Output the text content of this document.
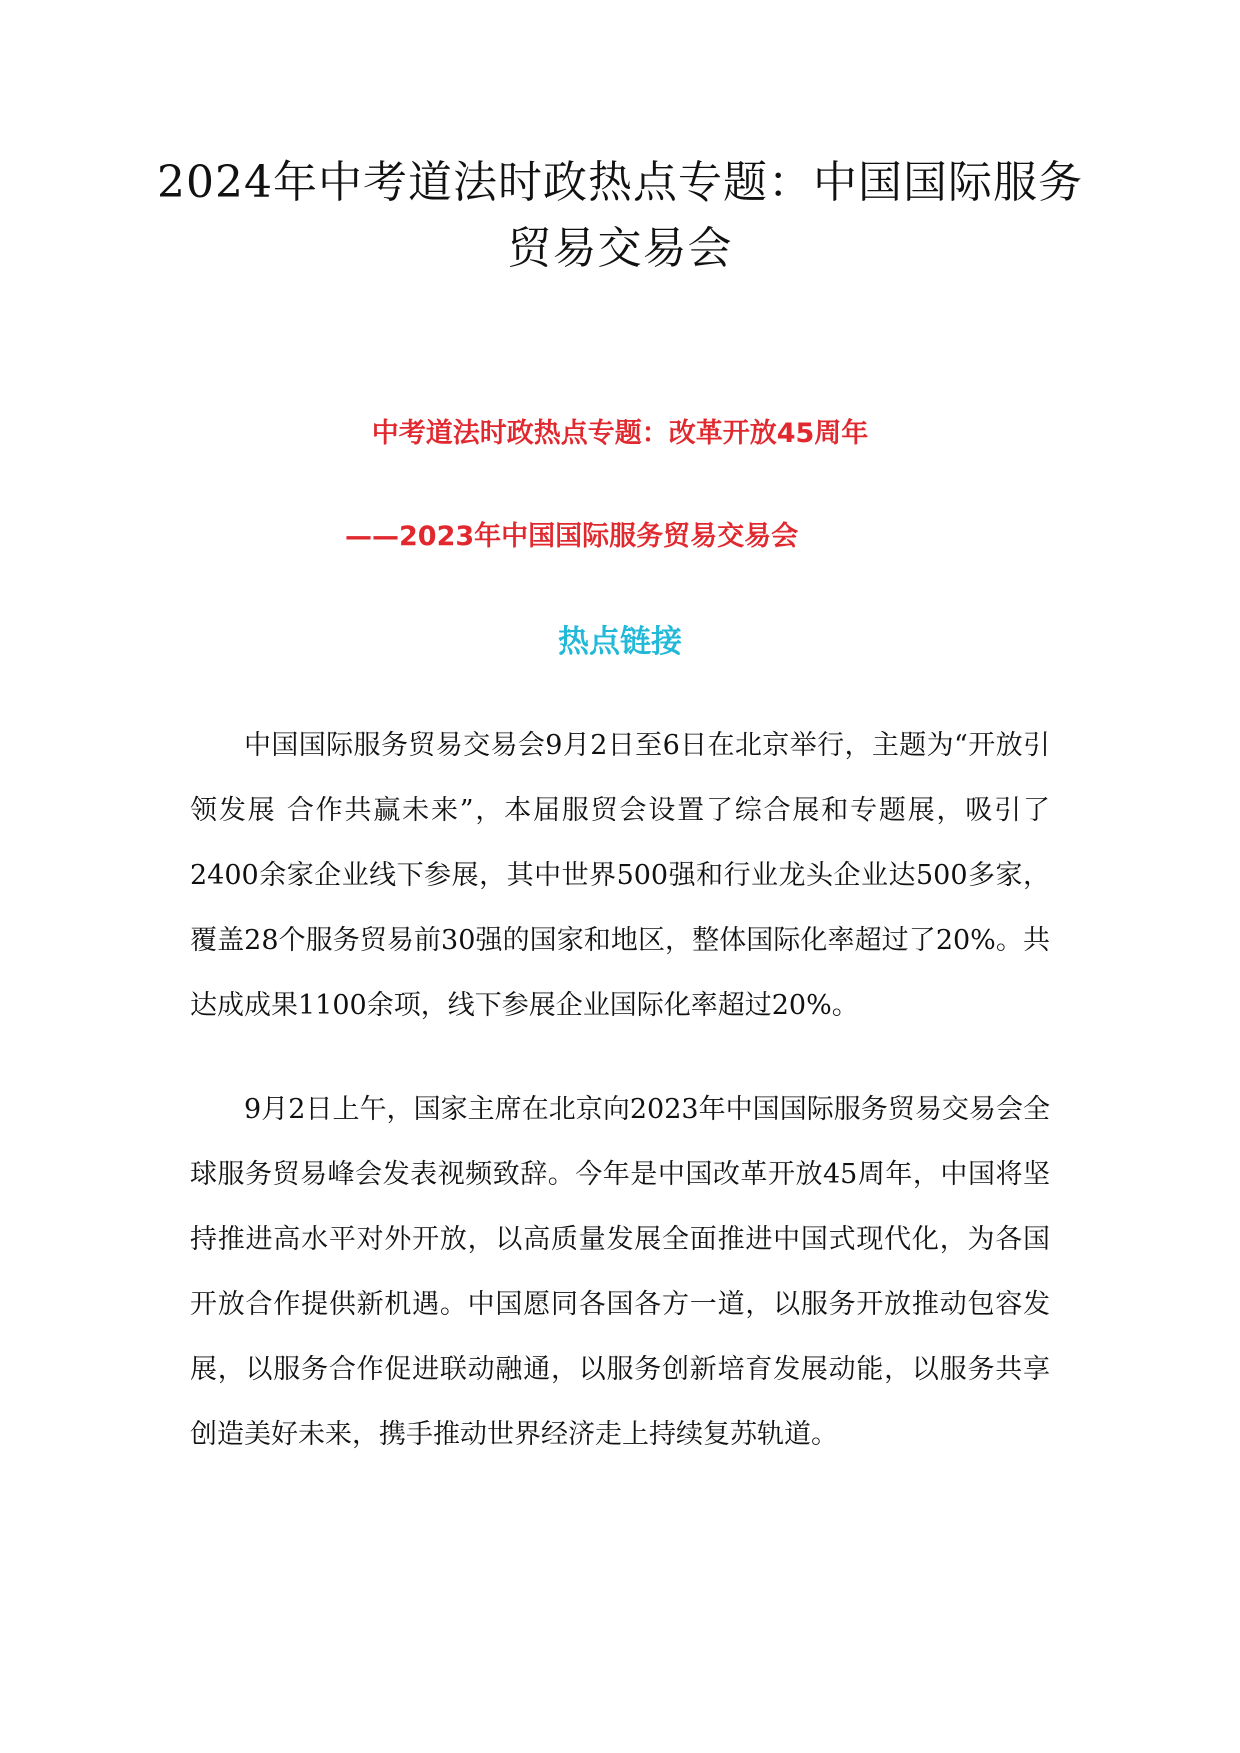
2024年中考道法时政热点专题：中国国际服务
贸易交易会

中考道法时政热点专题：改革开放45周年

——2023年中国国际服务贸易交易会

热点链接

中国国际服务贸易交易会9月2日至6日在北京举行，主题为“开放引领发展 合作共赢未来”，本届服贸会设置了综合展和专题展，吸引了2400余家企业线下参展，其中世界500强和行业龙头企业达500多家，覆盖28个服务贸易前30强的国家和地区，整体国际化率超过了20%。共达成成果1100余项，线下参展企业国际化率超过20%。

9月2日上午，国家主席在北京向2023年中国国际服务贸易交易会全球服务贸易峰会发表视频致辞。今年是中国改革开放45周年，中国将坚持推进高水平对外开放，以高质量发展全面推进中国式现代化，为各国开放合作提供新机遇。中国愿同各国各方一道，以服务开放推动包容发展，以服务合作促进联动融通，以服务创新培育发展动能，以服务共享创造美好未来，携手推动世界经济走上持续复苏轨道。
